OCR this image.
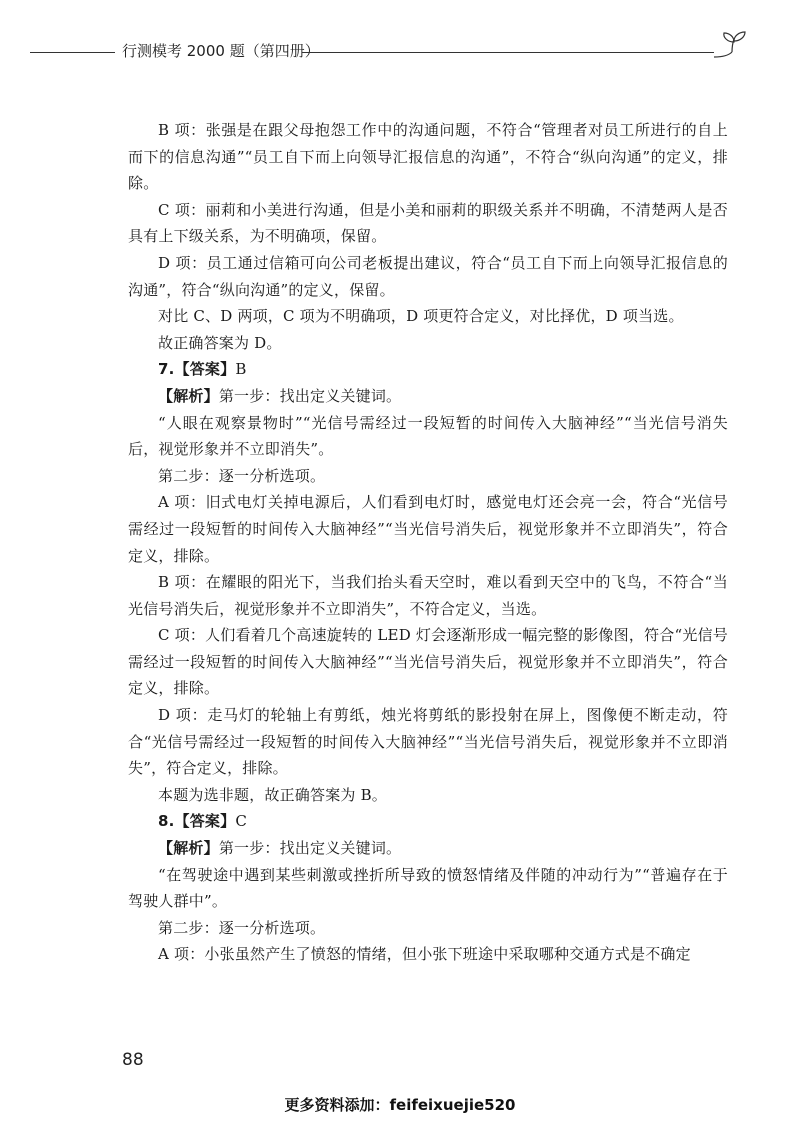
行测模考 2000 题（第四册）

B 项：张强是在跟父母抱怨工作中的沟通问题，不符合“管理者对员工所进行的自上而下的信息沟通”“员工自下而上向领导汇报信息的沟通”，不符合“纵向沟通”的定义，排除。

C 项：丽莉和小美进行沟通，但是小美和丽莉的职级关系并不明确，不清楚两人是否具有上下级关系，为不明确项，保留。

D 项：员工通过信箱可向公司老板提出建议，符合“员工自下而上向领导汇报信息的沟通”，符合“纵向沟通”的定义，保留。

对比 C、D 两项，C 项为不明确项，D 项更符合定义，对比择优，D 项当选。

故正确答案为 D。

7.【答案】B

【解析】第一步：找出定义关键词。

“人眼在观察景物时”“光信号需经过一段短暂的时间传入大脑神经”“当光信号消失后，视觉形象并不立即消失”。

第二步：逐一分析选项。

A 项：旧式电灯关掉电源后，人们看到电灯时，感觉电灯还会亮一会，符合“光信号需经过一段短暂的时间传入大脑神经”“当光信号消失后，视觉形象并不立即消失”，符合定义，排除。

B 项：在耀眼的阳光下，当我们抬头看天空时，难以看到天空中的飞鸟，不符合“当光信号消失后，视觉形象并不立即消失”，不符合定义，当选。

C 项：人们看着几个高速旋转的 LED 灯会逐渐形成一幅完整的影像图，符合“光信号需经过一段短暂的时间传入大脑神经”“当光信号消失后，视觉形象并不立即消失”，符合定义，排除。

D 项：走马灯的轮轴上有剪纸，烛光将剪纸的影投射在屏上，图像便不断走动，符合“光信号需经过一段短暂的时间传入大脑神经”“当光信号消失后，视觉形象并不立即消失”，符合定义，排除。

本题为选非题，故正确答案为 B。

8.【答案】C

【解析】第一步：找出定义关键词。

“在驾驶途中遇到某些刺激或挫折所导致的愤怒情绪及伴随的冲动行为”“普遍存在于驾驶人群中”。

第二步：逐一分析选项。

A 项：小张虽然产生了愤怒的情绪，但小张下班途中采取哪种交通方式是不确定

88
更多资料添加：feifeixuejie520
